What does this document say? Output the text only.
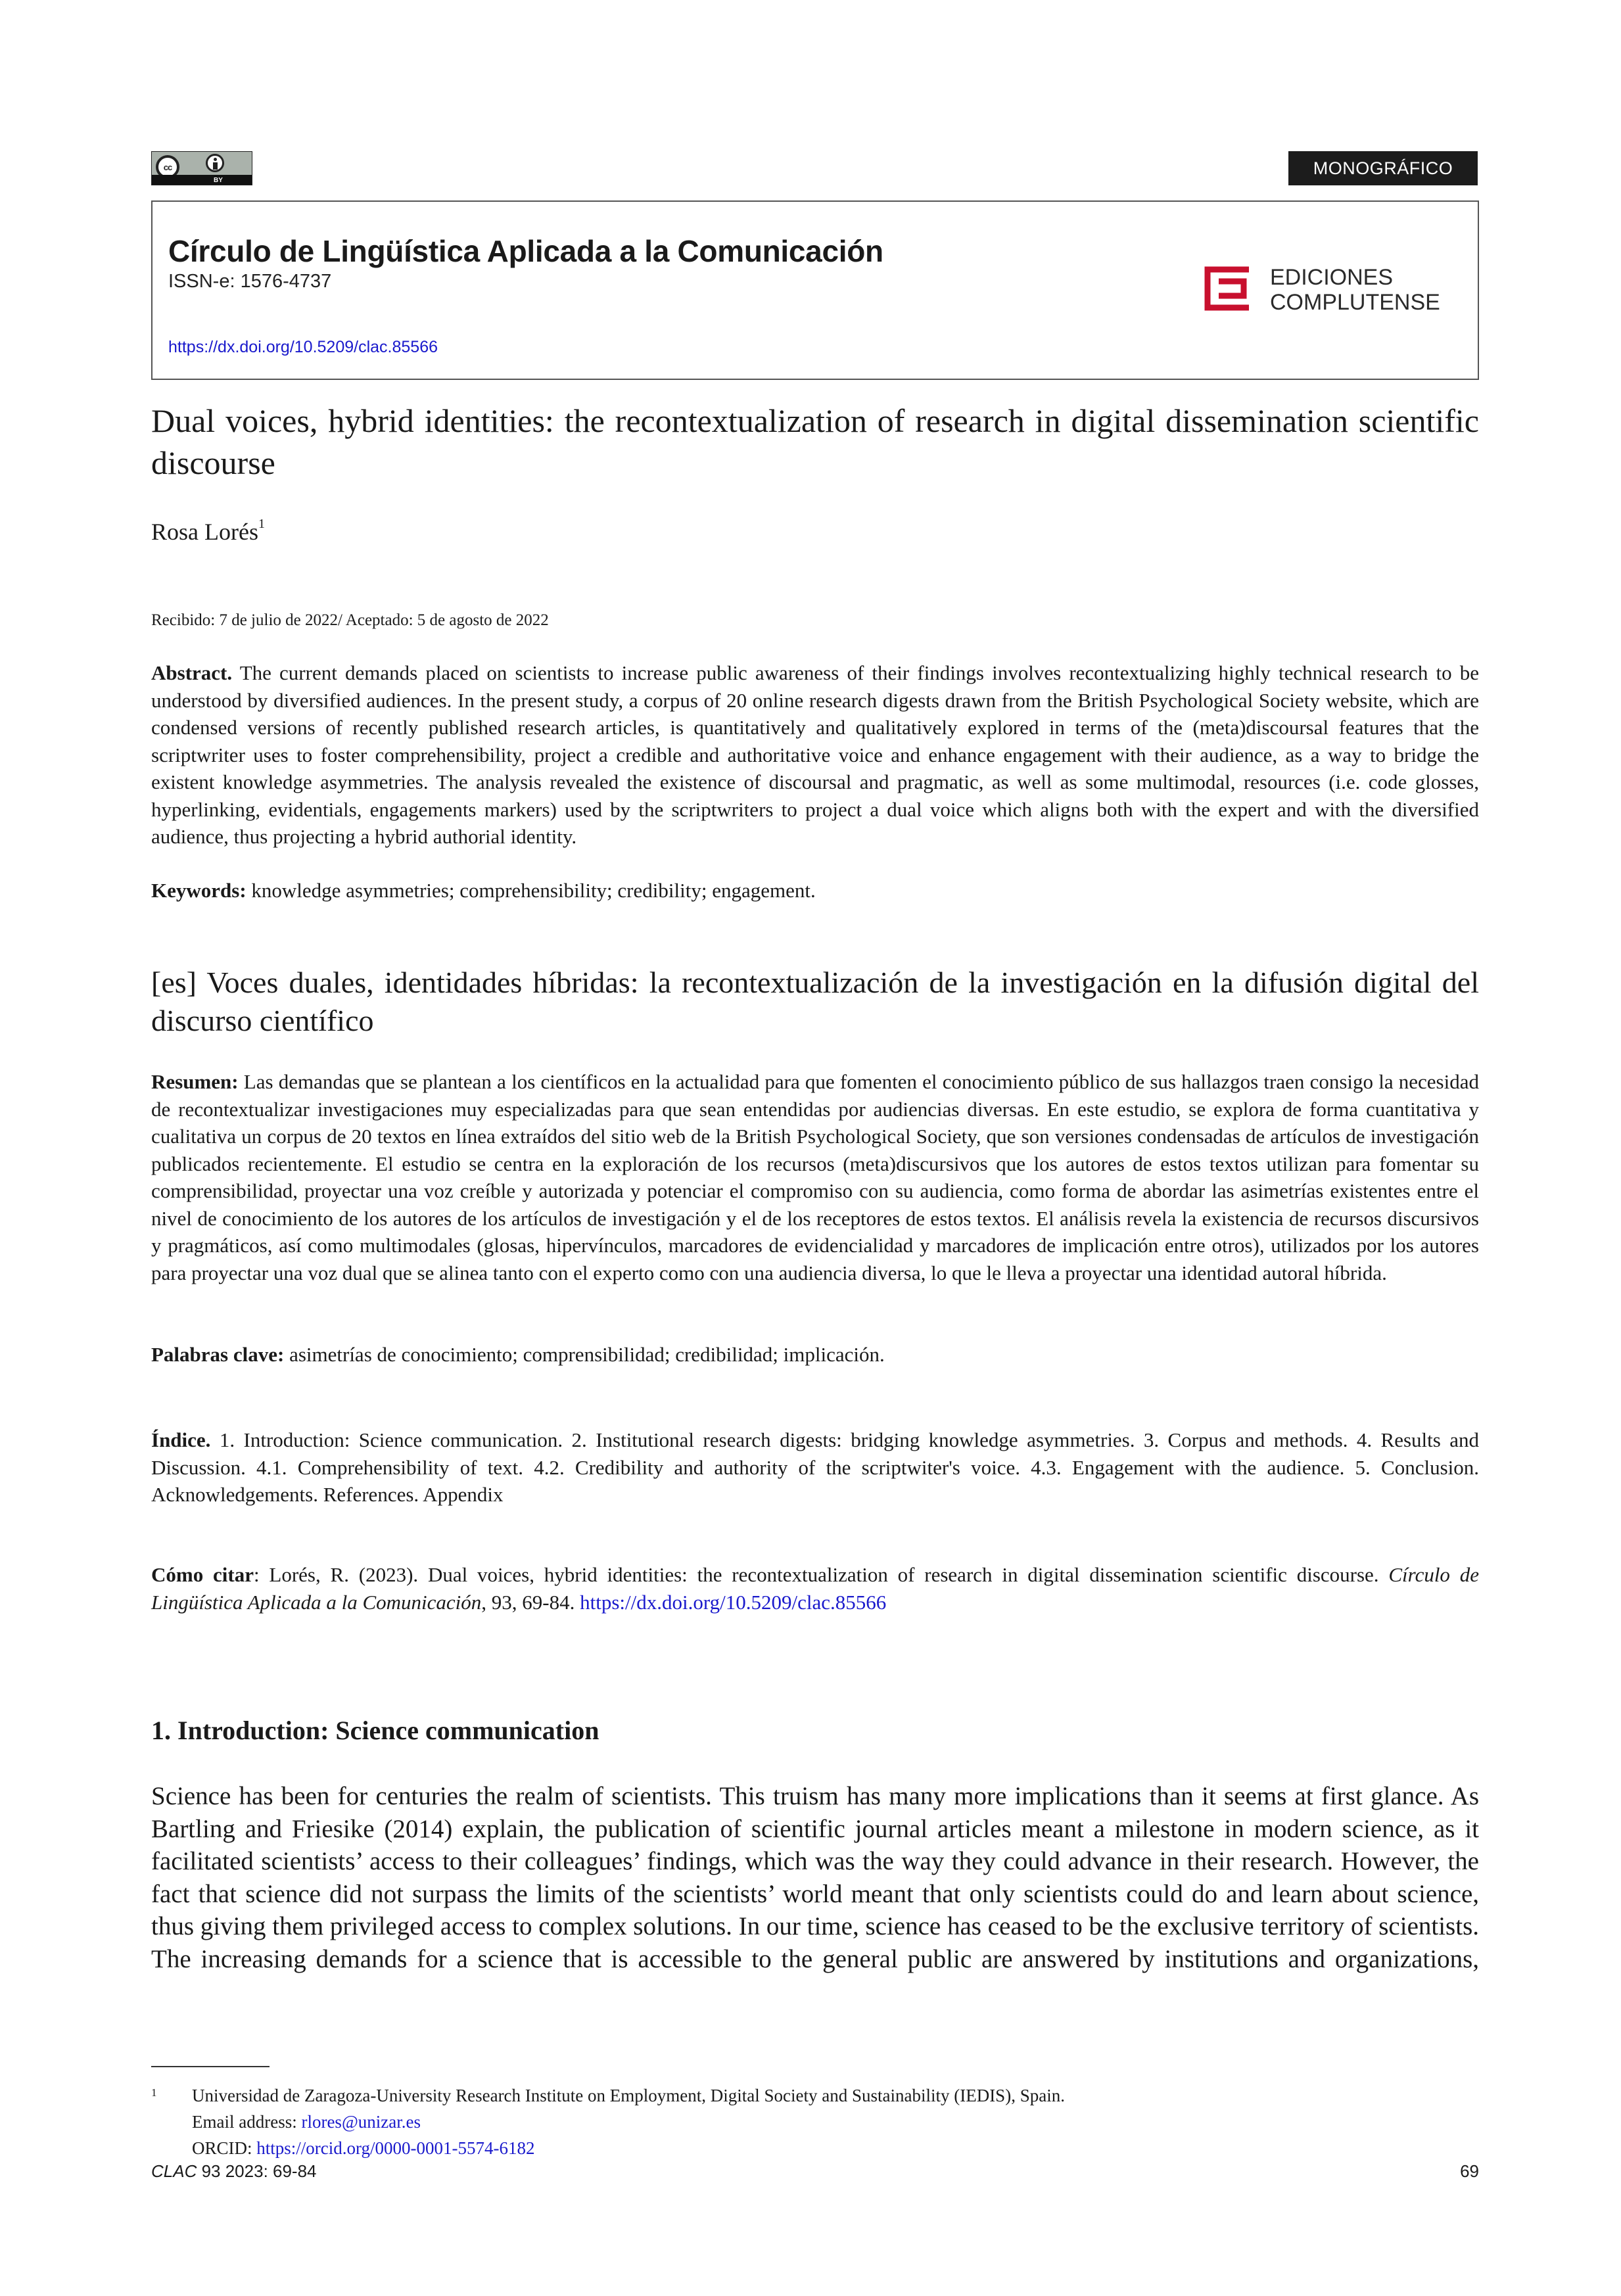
cc
BY
MONOGRÁFICO
Círculo de Lingüística Aplicada a la Comunicación
ISSN-e: 1576-4737
https://dx.doi.org/10.5209/clac.85566
EDICIONES
COMPLUTENSE
Dual voices, hybrid identities: the recontextualization of research in digital dissemination scientific discourse
Rosa Lorés$^1$
Recibido: 7 de julio de 2022/ Aceptado: 5 de agosto de 2022
Abstract. The current demands placed on scientists to increase public awareness of their findings involves recontextualizing highly technical research to be understood by diversified audiences. In the present study, a corpus of 20 online research digests drawn from the British Psychological Society website, which are condensed versions of recently published research articles, is quantitatively and qualitatively explored in terms of the (meta)discoursal features that the scriptwriter uses to foster comprehensibility, project a credible and authoritative voice and enhance engagement with their audience, as a way to bridge the existent knowledge asymmetries. The analysis revealed the existence of discoursal and pragmatic, as well as some multimodal, resources (i.e. code glosses, hyperlinking, evidentials, engagements markers) used by the scriptwriters to project a dual voice which aligns both with the expert and with the diversified audience, thus projecting a hybrid authorial identity.
Keywords: knowledge asymmetries; comprehensibility; credibility; engagement.
[es] Voces duales, identidades híbridas: la recontextualización de la investigación en la difusión digital del discurso científico
Resumen: Las demandas que se plantean a los científicos en la actualidad para que fomenten el conocimiento público de sus hallazgos traen consigo la necesidad de recontextualizar investigaciones muy especializadas para que sean entendidas por audiencias diversas. En este estudio, se explora de forma cuantitativa y cualitativa un corpus de 20 textos en línea extraídos del sitio web de la British Psychological Society, que son versiones condensadas de artículos de investigación publicados recientemente. El estudio se centra en la exploración de los recursos (meta)discursivos que los autores de estos textos utilizan para fomentar su comprensibilidad, proyectar una voz creíble y autorizada y potenciar el compromiso con su audiencia, como forma de abordar las asimetrías existentes entre el nivel de conocimiento de los autores de los artículos de investigación y el de los receptores de estos textos. El análisis revela la existencia de recursos discursivos y pragmáticos, así como multimodales (glosas, hipervínculos, marcadores de evidencialidad y marcadores de implicación entre otros), utilizados por los autores para proyectar una voz dual que se alinea tanto con el experto como con una audiencia diversa, lo que le lleva a proyectar una identidad autoral híbrida.
Palabras clave: asimetrías de conocimiento; comprensibilidad; credibilidad; implicación.
Índice. 1. Introduction: Science communication. 2. Institutional research digests: bridging knowledge asymmetries. 3. Corpus and methods. 4. Results and Discussion. 4.1. Comprehensibility of text. 4.2. Credibility and authority of the scriptwiter's voice. 4.3. Engagement with the audience. 5. Conclusion. Acknowledgements. References. Appendix
Cómo citar: Lorés, R. (2023). Dual voices, hybrid identities: the recontextualization of research in digital dissemination scientific discourse. Círculo de Lingüística Aplicada a la Comunicación, 93, 69-84. https://dx.doi.org/10.5209/clac.85566
1. Introduction: Science communication
Science has been for centuries the realm of scientists. This truism has many more implications than it seems at first glance. As Bartling and Friesike (2014) explain, the publication of scientific journal articles meant a milestone in modern science, as it facilitated scientists’ access to their colleagues’ findings, which was the way they could advance in their research. However, the fact that science did not surpass the limits of the scientists’ world meant that only scientists could do and learn about science, thus giving them privileged access to complex solutions. In our time, science has ceased to be the exclusive territory of scientists. The increasing demands for a science that is accessible to the general public are answered by institutions and organizations,
1 Universidad de Zaragoza-University Research Institute on Employment, Digital Society and Sustainability (IEDIS), Spain.
Email address: rlores@unizar.es
ORCID: https://orcid.org/0000-0001-5574-6182
CLAC 93 2023: 69-84	69
